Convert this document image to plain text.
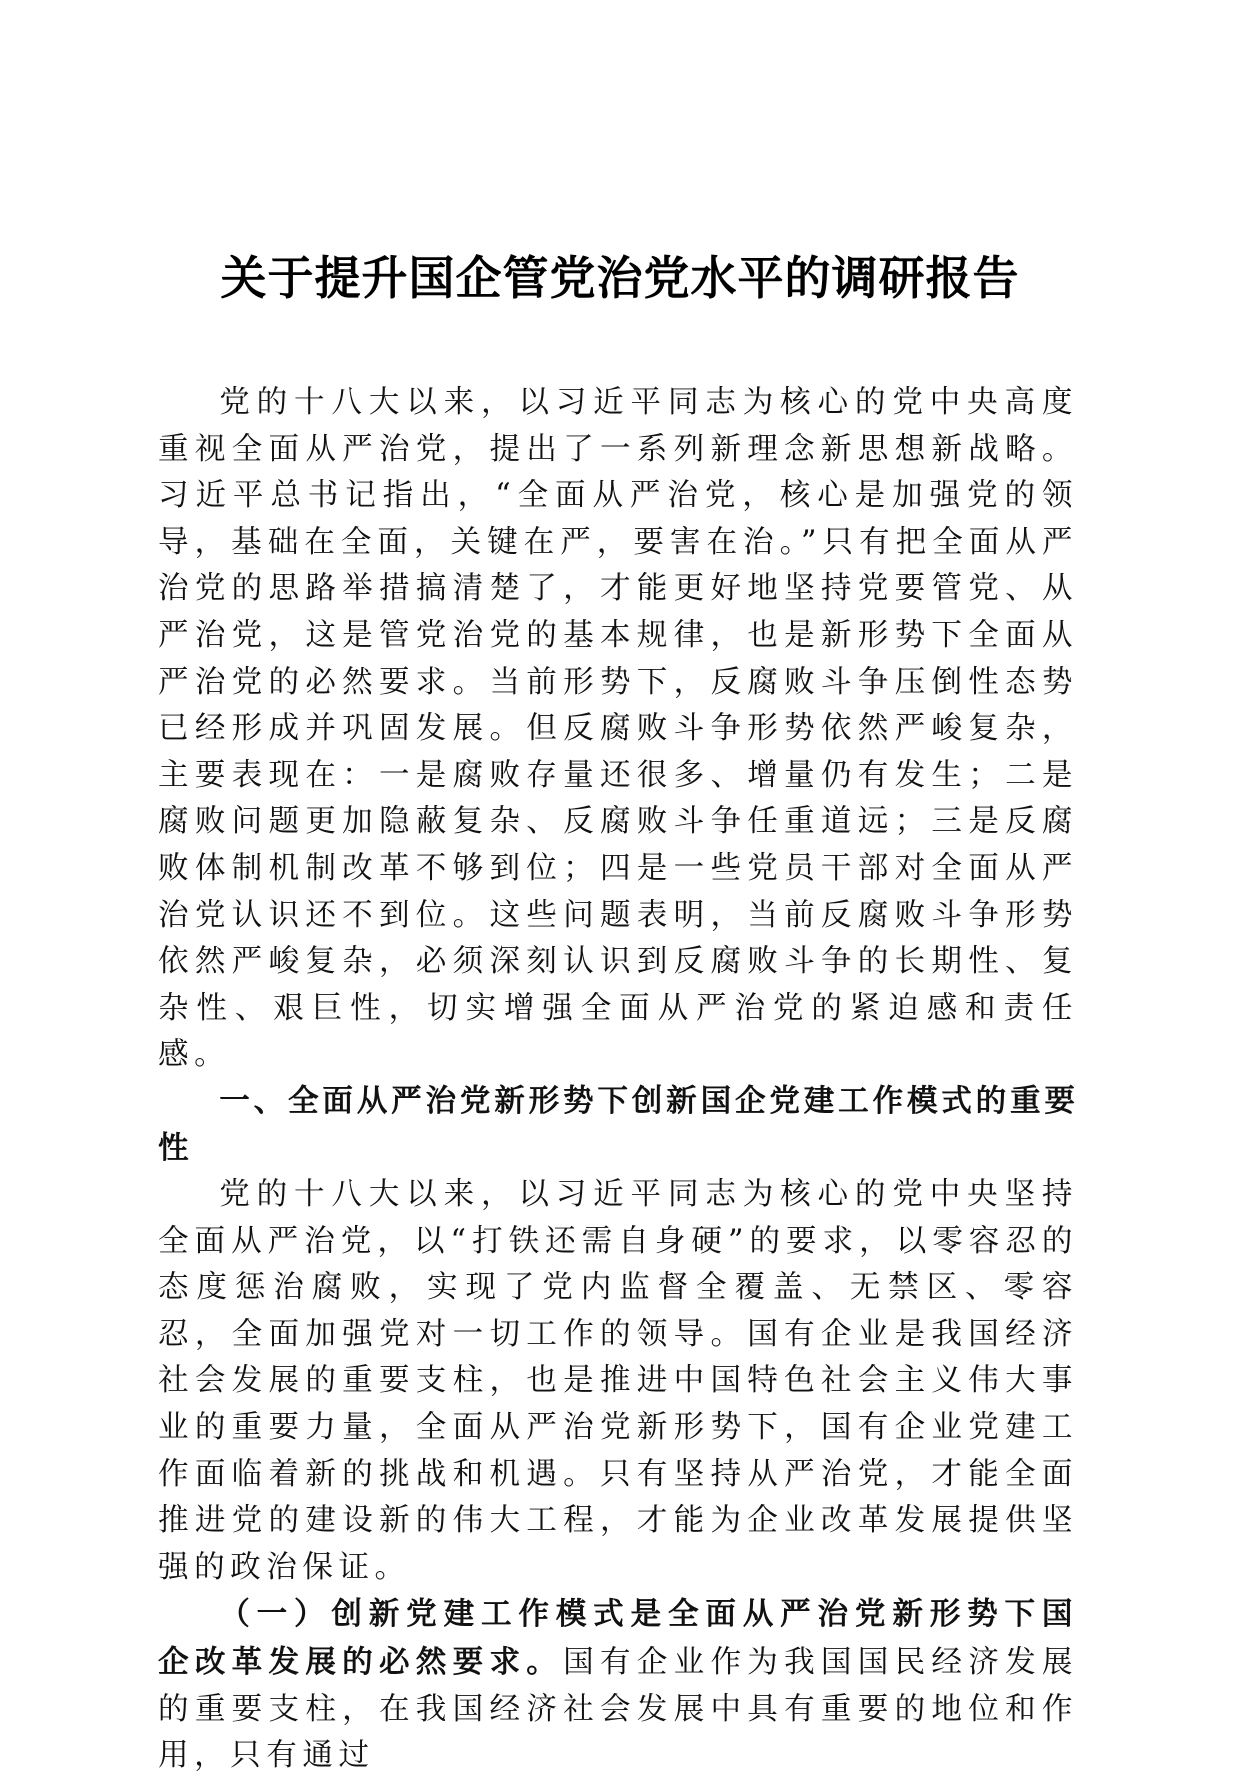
关于提升国企管党治党水平的调研报告

党的十八大以来，以习近平同志为核心的党中央高度重视全面从严治党，提出了一系列新理念新思想新战略。习近平总书记指出，“全面从严治党，核心是加强党的领导，基础在全面，关键在严，要害在治。”只有把全面从严治党的思路举措搞清楚了，才能更好地坚持党要管党、从严治党，这是管党治党的基本规律，也是新形势下全面从严治党的必然要求。当前形势下，反腐败斗争压倒性态势已经形成并巩固发展。但反腐败斗争形势依然严峻复杂，主要表现在：一是腐败存量还很多、增量仍有发生；二是腐败问题更加隐蔽复杂、反腐败斗争任重道远；三是反腐败体制机制改革不够到位；四是一些党员干部对全面从严治党认识还不到位。这些问题表明，当前反腐败斗争形势依然严峻复杂，必须深刻认识到反腐败斗争的长期性、复杂性、艰巨性，切实增强全面从严治党的紧迫感和责任感。

一、全面从严治党新形势下创新国企党建工作模式的重要性

党的十八大以来，以习近平同志为核心的党中央坚持全面从严治党，以“打铁还需自身硬”的要求，以零容忍的态度惩治腐败，实现了党内监督全覆盖、无禁区、零容忍，全面加强党对一切工作的领导。国有企业是我国经济社会发展的重要支柱，也是推进中国特色社会主义伟大事业的重要力量，全面从严治党新形势下，国有企业党建工作面临着新的挑战和机遇。只有坚持从严治党，才能全面推进党的建设新的伟大工程，才能为企业改革发展提供坚强的政治保证。

（一）创新党建工作模式是全面从严治党新形势下国企改革发展的必然要求。国有企业作为我国国民经济发展的重要支柱，在我国经济社会发展中具有重要的地位和作用，只有通过
